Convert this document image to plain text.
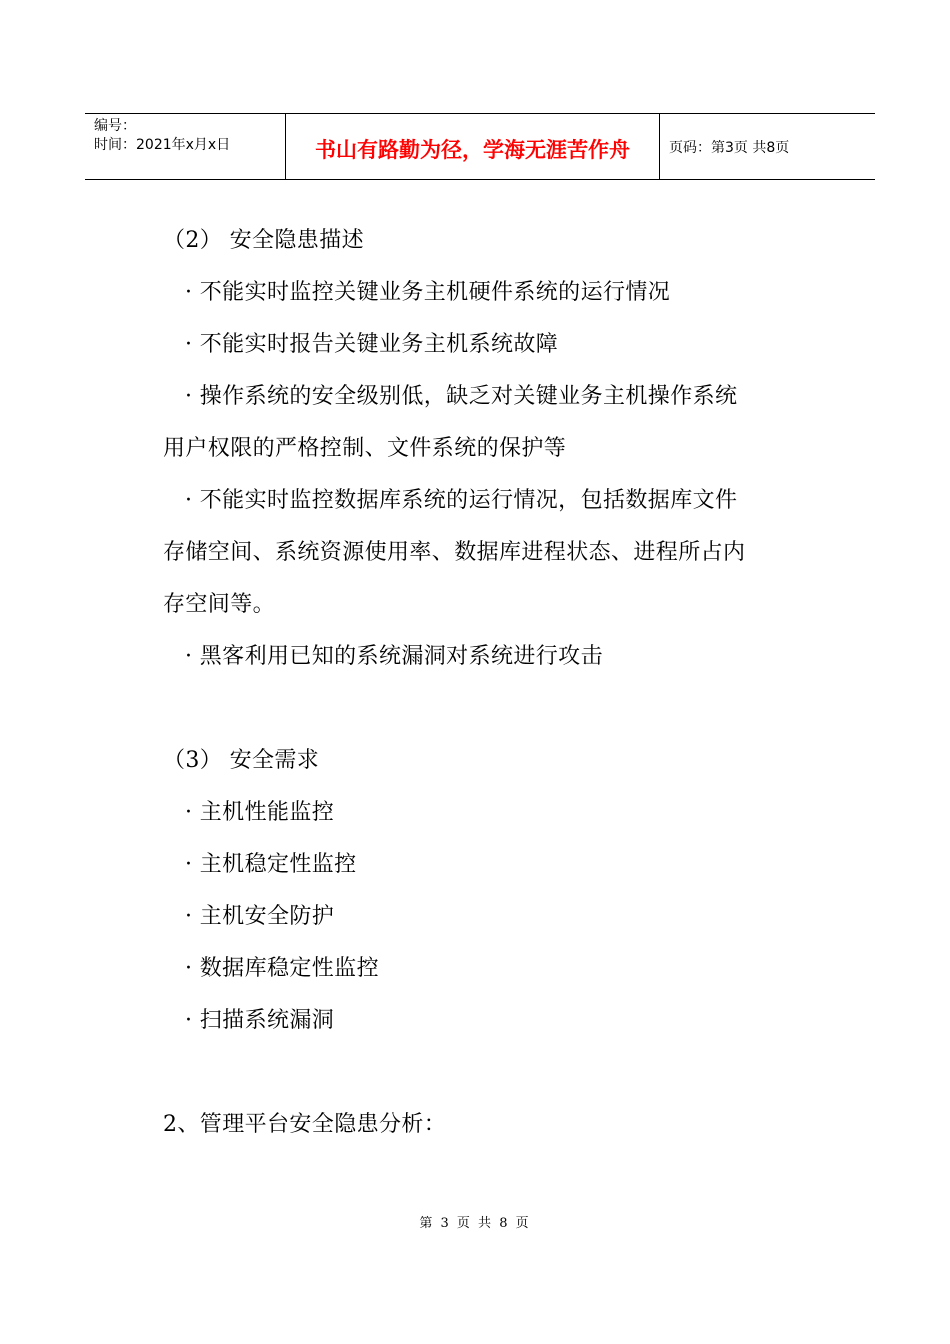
编号：
时间：2021年x月x日	书山有路勤为径，学海无涯苦作舟	页码：第3页 共8页
（2） 安全隐患描述
· 不能实时监控关键业务主机硬件系统的运行情况
· 不能实时报告关键业务主机系统故障
· 操作系统的安全级别低，缺乏对关键业务主机操作系统
用户权限的严格控制、文件系统的保护等
· 不能实时监控数据库系统的运行情况，包括数据库文件
存储空间、系统资源使用率、数据库进程状态、进程所占内
存空间等。
· 黑客利用已知的系统漏洞对系统进行攻击
（3） 安全需求
· 主机性能监控
· 主机稳定性监控
· 主机安全防护
· 数据库稳定性监控
· 扫描系统漏洞
2、管理平台安全隐患分析：
第 3 页 共 8 页
